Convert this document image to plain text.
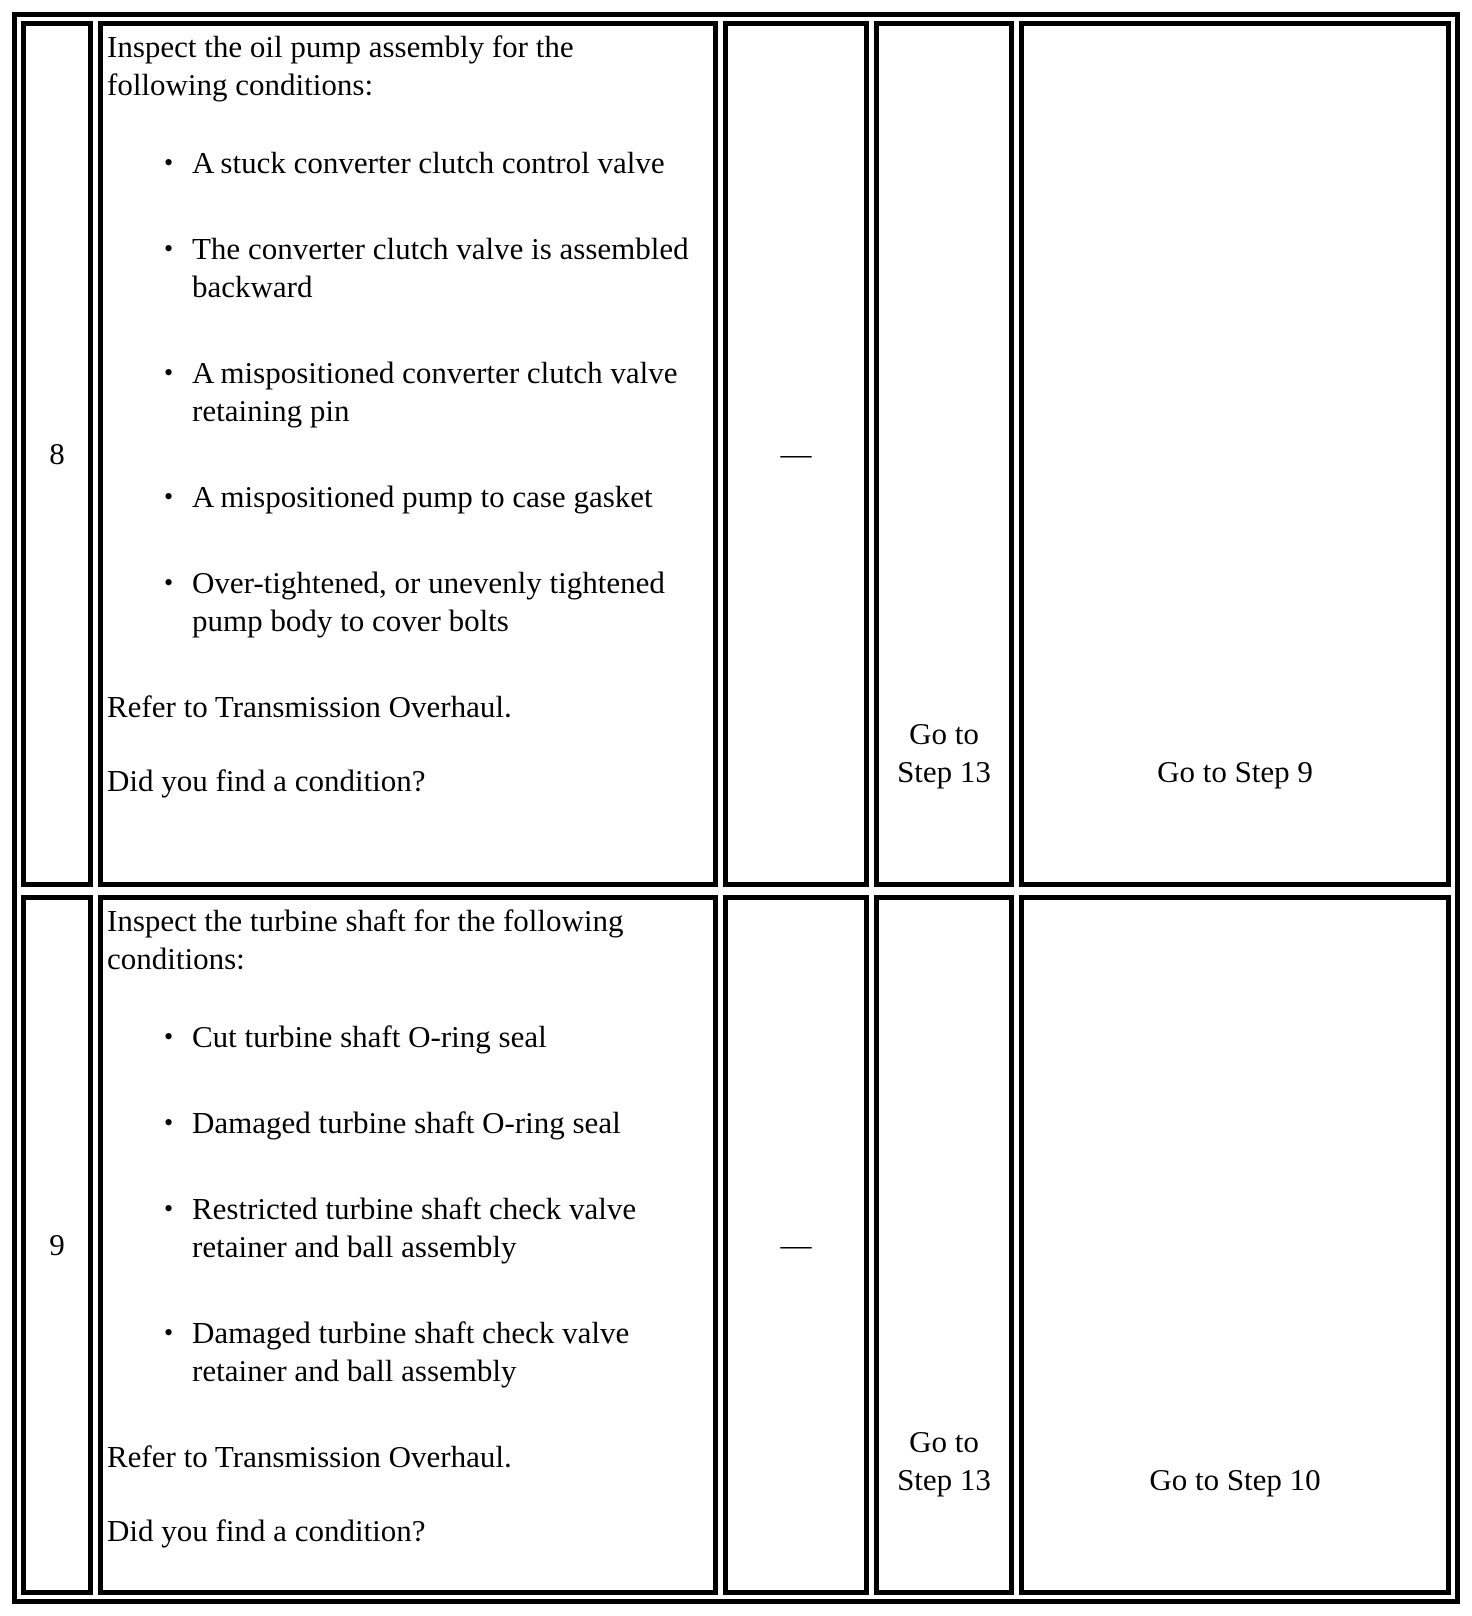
8

Inspect the oil pump assembly for the following conditions:

• A stuck converter clutch control valve
• The converter clutch valve is assembled backward
• A mispositioned converter clutch valve retaining pin
• A mispositioned pump to case gasket
• Over-tightened, or unevenly tightened pump body to cover bolts

Refer to Transmission Overhaul.

Did you find a condition?

—
Go to Step 13	Go to Step 9
9

Inspect the turbine shaft for the following conditions:

• Cut turbine shaft O-ring seal
• Damaged turbine shaft O-ring seal
• Restricted turbine shaft check valve retainer and ball assembly
• Damaged turbine shaft check valve retainer and ball assembly

Refer to Transmission Overhaul.

Did you find a condition?

—
Go to Step 13	Go to Step 10
